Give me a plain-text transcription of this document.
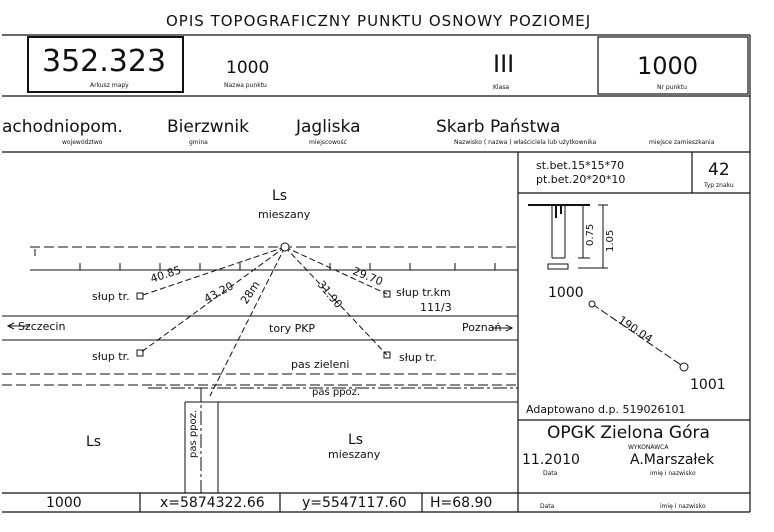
OPIS TOPOGRAFICZNY PUNKTU OSNOWY POZIOMEJ
352.323
Arkusz mapy
1000
Nazwa punktu
III
Klasa
1000
Nr punktu
achodniopom.	Bierzwnik	Jagliska	Skarb Państwa
województwo	gmina	miejscowość	Nazwisko ( nazwa ) właściciela lub użytkownika	miejsce zamieszkania
Ls
mieszany
40.85
43.20 28m	31.90
29.70
słup tr.	słup tr.km
111/3
Szczecin	tory PKP	Poznań
słup tr.	słup tr.
pas zieleni
pas ppoz.
pas ppoz.
Ls	Ls
mieszany
st.bet.15*15*70
pt.bet.20*20*10	42
Typ znaku
0.75 1.05
1000
190.04
1001
Adaptowano d.p. 519026101
OPGK Zielona Góra
WYKONAWCA
11.2010
Data
A.Marszałek
imię i nazwisko
1000	x=5874322.66	y=5547117.60 H=68.90	Data	imię i nazwisko
